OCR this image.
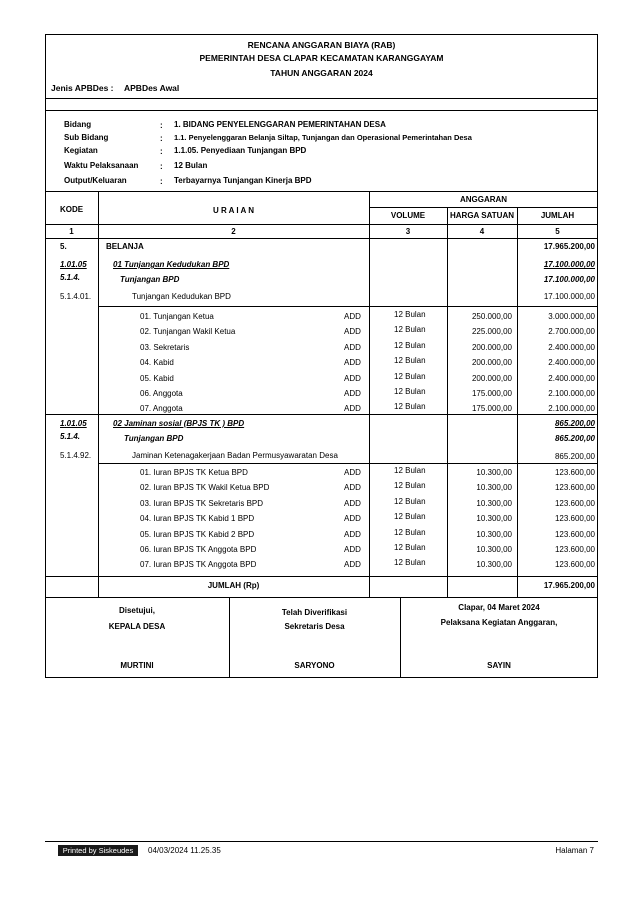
RENCANA ANGGARAN BIAYA (RAB)
PEMERINTAH DESA CLAPAR KECAMATAN KARANGGAYAM
TAHUN ANGGARAN 2024
Jenis APBDes : APBDes Awal
Bidang	: 1. BIDANG PENYELENGGARAN PEMERINTAHAN DESA
Sub Bidang	: 1.1. Penyelenggaran Belanja Siltap, Tunjangan dan Operasional Pemerintahan Desa
Kegiatan	: 1.1.05. Penyediaan Tunjangan BPD
Waktu Pelaksanaan	: 12 Bulan
Output/Keluaran	: Terbayarnya Tunjangan Kinerja BPD
KODE	U R A I A N
ANGGARAN
VOLUME	HARGA SATUAN	JUMLAH
1	2	3	4	5
5.	BELANJA	17.965.200,00
1.01.05	01 Tunjangan Kedudukan BPD	17.100.000,00
5.1.4.	Tunjangan BPD	17.100.000,00
5.1.4.01.	Tunjangan Kedudukan BPD	17.100.000,00
01. Tunjangan Ketua	ADD	12 Bulan	250.000,00	3.000.000,00
02. Tunjangan Wakil Ketua	ADD	12 Bulan	225.000,00	2.700.000,00
03. Sekretaris	ADD	12 Bulan	200.000,00	2.400.000,00
04. Kabid	ADD	12 Bulan	200.000,00	2.400.000,00
05. Kabid	ADD	12 Bulan	200.000,00	2.400.000,00
06. Anggota	ADD	12 Bulan	175.000,00	2.100.000,00
07. Anggota	ADD	12 Bulan	175.000,00	2.100.000,00
1.01.05	02 Jaminan sosial (BPJS TK ) BPD	865.200,00
5.1.4.	Tunjangan BPD	865.200,00
5.1.4.92.	Jaminan Ketenagakerjaan Badan Permusyawaratan Desa	865.200,00
01. Iuran BPJS TK Ketua BPD	ADD	12 Bulan	10.300,00	123.600,00
02. Iuran BPJS TK Wakil Ketua BPD	ADD	12 Bulan	10.300,00	123.600,00
03. Iuran BPJS TK Sekretaris BPD	ADD	12 Bulan	10.300,00	123.600,00
04. Iuran BPJS TK Kabid 1 BPD	ADD	12 Bulan	10.300,00	123.600,00
05. Iuran BPJS TK Kabid 2 BPD	ADD	12 Bulan	10.300,00	123.600,00
06. Iuran BPJS TK Anggota BPD	ADD	12 Bulan	10.300,00	123.600,00
07. Iuran BPJS TK Anggota BPD	ADD	12 Bulan	10.300,00	123.600,00
JUMLAH (Rp)	17.965.200,00
Disetujui,
KEPALA DESA
MURTINI
Telah Diverifikasi
Sekretaris Desa
SARYONO
Clapar, 04 Maret 2024
Pelaksana Kegiatan Anggaran,
SAYIN
Printed by Siskeudes	04/03/2024 11.25.35	Halaman 7
